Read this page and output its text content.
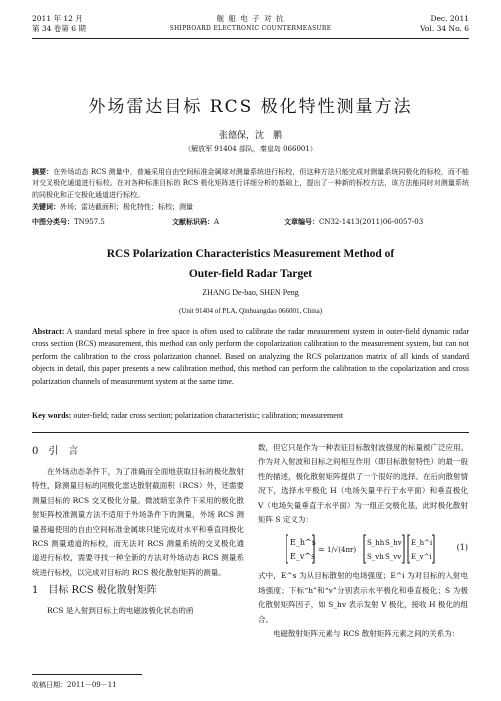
2011 年 12 月
第 34 卷第 6 期
舰 船 电 子 对 抗
SHIPBOARD ELECTRONIC COUNTERMEASURE
Dec. 2011
Vol. 34 No. 6
外场雷达目标 RCS 极化特性测量方法
张德保，沈　鹏
（解放军 91404 部队，秦皇岛 066001）
摘要：在外场动态 RCS 测量中，普遍采用自由空间标准金属球对测量系统进行标校，但这种方法只能完成对测量系统同极化的标校，而不能对交叉极化通道进行标校。在对各种标准目标的 RCS 极化矩阵进行详细分析的基础上，提出了一种新的标校方法，该方法能同时对测量系统的同极化和正交极化通道进行标校。
关键词：外场；雷达截面积；极化特性；标校；测量
中图分类号：TN957.5	文献标识码：A	文章编号：CN32-1413(2011)06-0057-03
RCS Polarization Characteristics Measurement Method of
Outer-field Radar Target
ZHANG De-bao, SHEN Peng
(Unit 91404 of PLA, Qinhuangdao 066001, China)
Abstract: A standard metal sphere in free space is often used to calibrate the radar measurement system in outer-field dynamic radar cross section (RCS) measurement, this method can only perform the copolarization calibration to the measurement system, but can not perform the calibration to the cross polarization channel. Based on analyzing the RCS polarization matrix of all kinds of standard objects in detail, this paper presents a new calibration method, this method can perform the calibration to the copolarization and cross polarization channels of measurement system at the same time.
Key words: outer-field; radar cross section; polarization characteristic; calibration; measurement
0　引　言

在外场动态条件下，为了准确而全面地获取目标的极化散射特性，除测量目标的同极化雷达散射截面积（RCS）外，还需要测量目标的 RCS 交叉极化分量。微波暗室条件下采用的极化散射矩阵校准测量方法不适用于外场条件下的测量，外场 RCS 测量普遍使用的自由空间标准金属球只能完成对水平和垂直同极化 RCS 测量通道的标校，而无法对 RCS 测量系统的交叉极化通道进行标校，需要寻找一种全新的方法对外场动态 RCS 测量系统进行标校，以完成对目标的 RCS 极化散射矩阵的测量。

1　目标 RCS 极化散射矩阵

RCS 是入射到目标上的电磁波极化状态的函

数，但它只是作为一种表征目标散射波强度的标量被广泛应用。作为对入射波和目标之间相互作用（即目标散射特性）的最一般性的描述，极化散射矩阵提供了一个很好的选择。在后向散射情况下，选择水平极化 H（电场矢量平行于水平面）和垂直极化 V（电场矢量垂直于水平面）为一组正交极化基，此时极化散射矩阵 S 定义为：

E_h^s
E_v^s
= 1/√(4πr)
S_hh S_hv
S_vh S_vv
E_h^i
E_v^i
(1)

式中，E^s 为从目标散射的电场强度；E^i 为对目标的入射电场强度；下标“h”和“v”分别表示水平极化和垂直极化；S 为极化散射矩阵因子，如 S_hv 表示发射 V 极化，接收 H 极化的组合。

电磁散射矩阵元素与 RCS 散射矩阵元素之间的关系为：

收稿日期：2011－09－11
